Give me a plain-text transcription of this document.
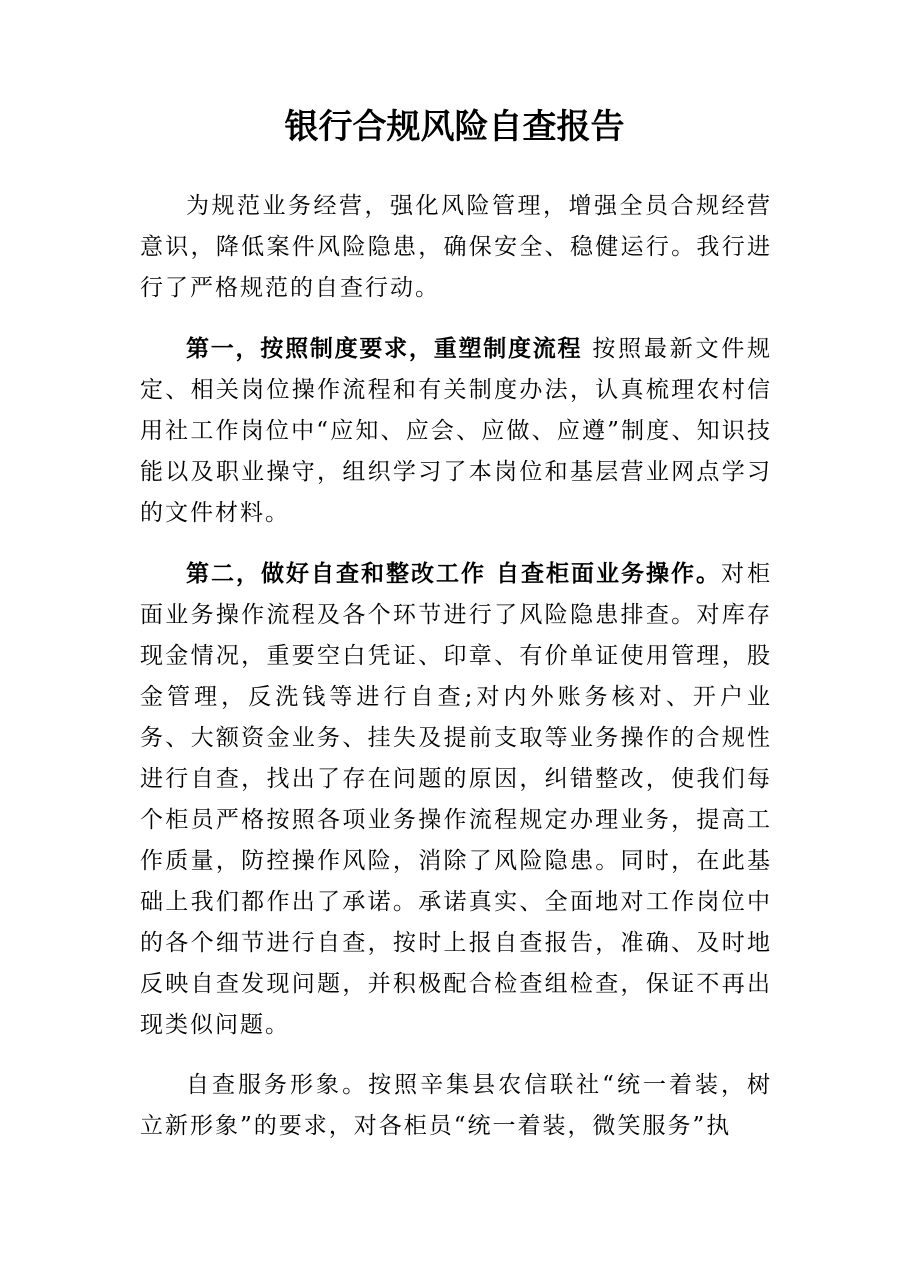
银行合规风险自查报告

为规范业务经营，强化风险管理，增强全员合规经营意识，降低案件风险隐患，确保安全、稳健运行。我行进行了严格规范的自查行动。

第一，按照制度要求，重塑制度流程 按照最新文件规定、相关岗位操作流程和有关制度办法，认真梳理农村信用社工作岗位中“应知、应会、应做、应遵”制度、知识技能以及职业操守，组织学习了本岗位和基层营业网点学习的文件材料。

第二，做好自查和整改工作 自查柜面业务操作。对柜面业务操作流程及各个环节进行了风险隐患排查。对库存现金情况，重要空白凭证、印章、有价单证使用管理，股金管理，反洗钱等进行自查;对内外账务核对、开户业务、大额资金业务、挂失及提前支取等业务操作的合规性进行自查，找出了存在问题的原因，纠错整改，使我们每个柜员严格按照各项业务操作流程规定办理业务，提高工作质量，防控操作风险，消除了风险隐患。同时，在此基础上我们都作出了承诺。承诺真实、全面地对工作岗位中的各个细节进行自查，按时上报自查报告，准确、及时地反映自查发现问题，并积极配合检查组检查，保证不再出现类似问题。

自查服务形象。按照辛集县农信联社“统一着装，树立新形象”的要求，对各柜员“统一着装，微笑服务”执
